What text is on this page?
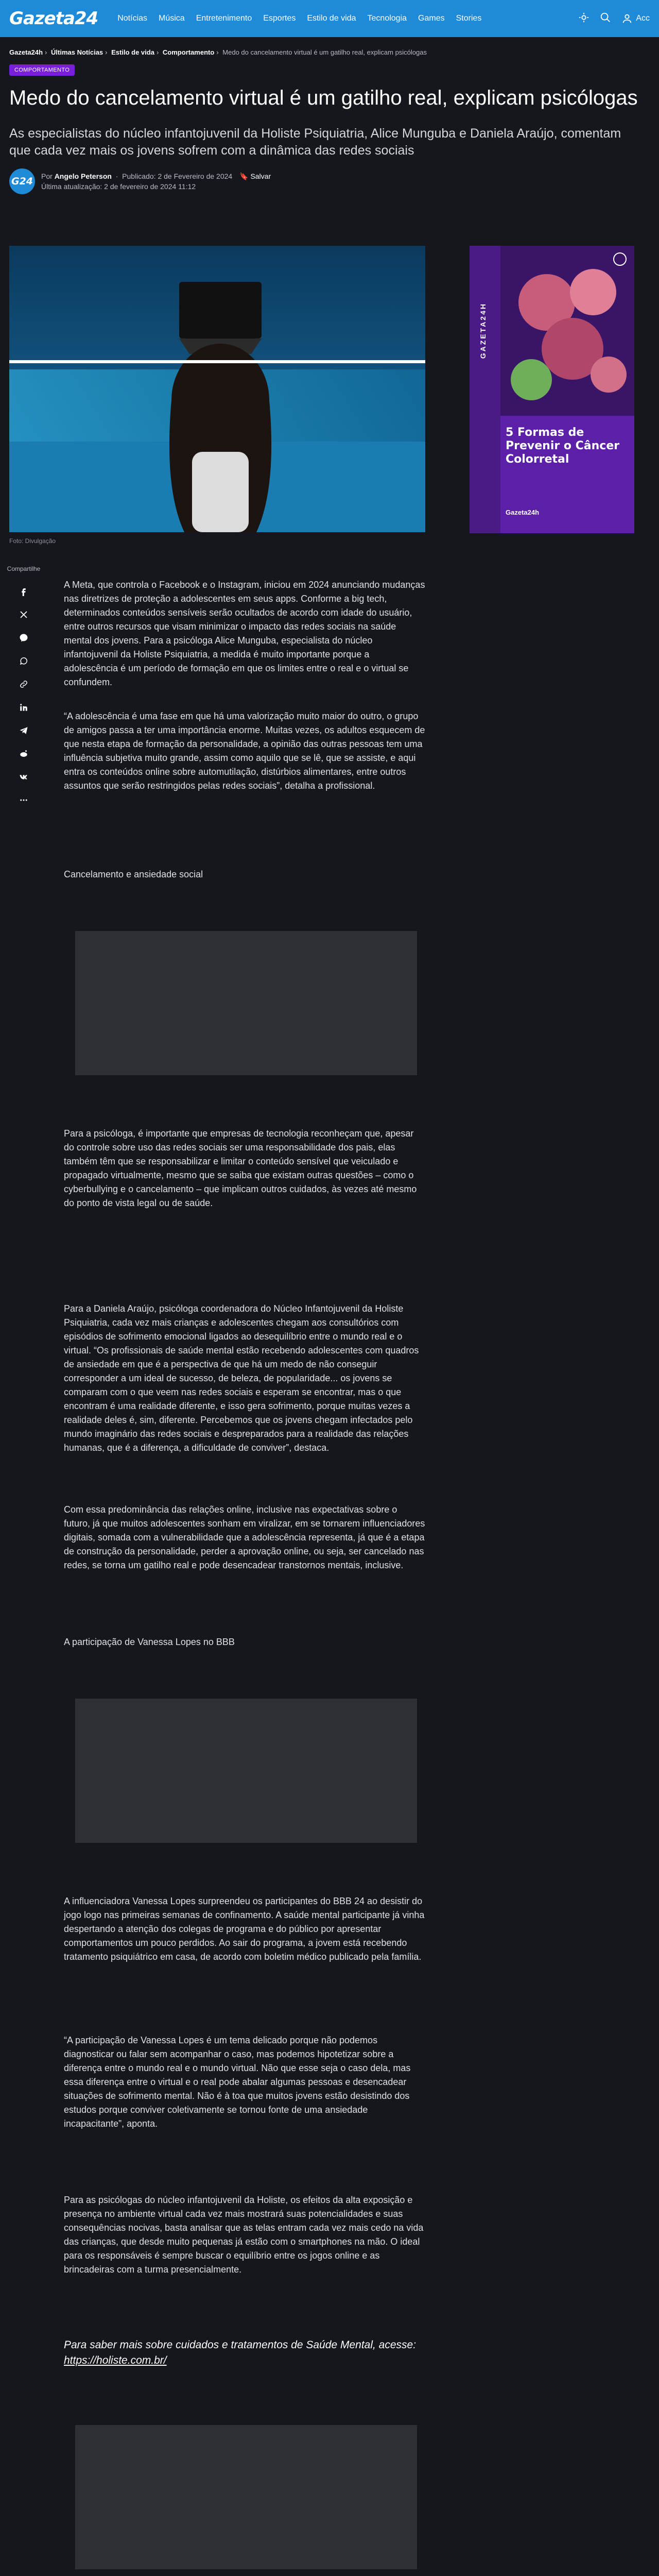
Gazeta24 Notícias Música Entretenimento Esportes Estilo de vida Tecnologia Games Stories	Acc
Gazeta24h › Últimas Notícias › Estilo de vida › Comportamento › Medo do cancelamento virtual é um gatilho real, explicam psicólogas
COMPORTAMENTO
Medo do cancelamento virtual é um gatilho real, explicam psicólogas

As especialistas do núcleo infantojuvenil da Holiste Psiquiatria, Alice Munguba e Daniela Araújo, comentam que cada vez mais os jovens sofrem com a dinâmica das redes sociais

G24 Por Angelo Peterson  ·  Publicado: 2 de Fevereiro de 2024 🔖 Salvar
Última atualização: 2 de fevereiro de 2024 11:12
Foto: Divulgação
GAZETA24H
5 Formas de Prevenir o Câncer Colorretal
Gazeta24h
Compartilhe

A Meta, que controla o Facebook e o Instagram, iniciou em 2024 anunciando mudanças nas diretrizes de proteção a adolescentes em seus apps. Conforme a big tech, determinados conteúdos sensíveis serão ocultados de acordo com idade do usuário, entre outros recursos que visam minimizar o impacto das redes sociais na saúde mental dos jovens. Para a psicóloga Alice Munguba, especialista do núcleo infantojuvenil da Holiste Psiquiatria, a medida é muito importante porque a adolescência é um período de formação em que os limites entre o real e o virtual se confundem.

“A adolescência é uma fase em que há uma valorização muito maior do outro, o grupo de amigos passa a ter uma importância enorme. Muitas vezes, os adultos esquecem de que nesta etapa de formação da personalidade, a opinião das outras pessoas tem uma influência subjetiva muito grande, assim como aquilo que se lê, que se assiste, e aqui entra os conteúdos online sobre automutilação, distúrbios alimentares, entre outros assuntos que serão restringidos pelas redes sociais”, detalha a profissional.

Cancelamento e ansiedade social

Para a psicóloga, é importante que empresas de tecnologia reconheçam que, apesar do controle sobre uso das redes sociais ser uma responsabilidade dos pais, elas também têm que se responsabilizar e limitar o conteúdo sensível que veiculado e propagado virtualmente, mesmo que se saiba que existam outras questões – como o cyberbullying e o cancelamento – que implicam outros cuidados, às vezes até mesmo do ponto de vista legal ou de saúde.

Para a Daniela Araújo, psicóloga coordenadora do Núcleo Infantojuvenil da Holiste Psiquiatria, cada vez mais crianças e adolescentes chegam aos consultórios com episódios de sofrimento emocional ligados ao desequilíbrio entre o mundo real e o virtual. “Os profissionais de saúde mental estão recebendo adolescentes com quadros de ansiedade em que é a perspectiva de que há um medo de não conseguir corresponder a um ideal de sucesso, de beleza, de popularidade... os jovens se comparam com o que veem nas redes sociais e esperam se encontrar, mas o que encontram é uma realidade diferente, e isso gera sofrimento, porque muitas vezes a realidade deles é, sim, diferente. Percebemos que os jovens chegam infectados pelo mundo imaginário das redes sociais e despreparados para a realidade das relações humanas, que é a diferença, a dificuldade de conviver”, destaca.

Com essa predominância das relações online, inclusive nas expectativas sobre o futuro, já que muitos adolescentes sonham em viralizar, em se tornarem influenciadores digitais, somada com a vulnerabilidade que a adolescência representa, já que é a etapa de construção da personalidade, perder a aprovação online, ou seja, ser cancelado nas redes, se torna um gatilho real e pode desencadear transtornos mentais, inclusive.

A participação de Vanessa Lopes no BBB

A influenciadora Vanessa Lopes surpreendeu os participantes do BBB 24 ao desistir do jogo logo nas primeiras semanas de confinamento. A saúde mental participante já vinha despertando a atenção dos colegas de programa e do público por apresentar comportamentos um pouco perdidos. Ao sair do programa, a jovem está recebendo tratamento psiquiátrico em casa, de acordo com boletim médico publicado pela família.

“A participação de Vanessa Lopes é um tema delicado porque não podemos diagnosticar ou falar sem acompanhar o caso, mas podemos hipotetizar sobre a diferença entre o mundo real e o mundo virtual. Não que esse seja o caso dela, mas essa diferença entre o virtual e o real pode abalar algumas pessoas e desencadear situações de sofrimento mental. Não é à toa que muitos jovens estão desistindo dos estudos porque conviver coletivamente se tornou fonte de uma ansiedade incapacitante”, aponta.

Para as psicólogas do núcleo infantojuvenil da Holiste, os efeitos da alta exposição e presença no ambiente virtual cada vez mais mostrará suas potencialidades e suas consequências nocivas, basta analisar que as telas entram cada vez mais cedo na vida das crianças, que desde muito pequenas já estão com o smartphones na mão. O ideal para os responsáveis é sempre buscar o equilíbrio entre os jogos online e as brincadeiras com a turma presencialmente.

Para saber mais sobre cuidados e tratamentos de Saúde Mental, acesse: https://holiste.com.br/
